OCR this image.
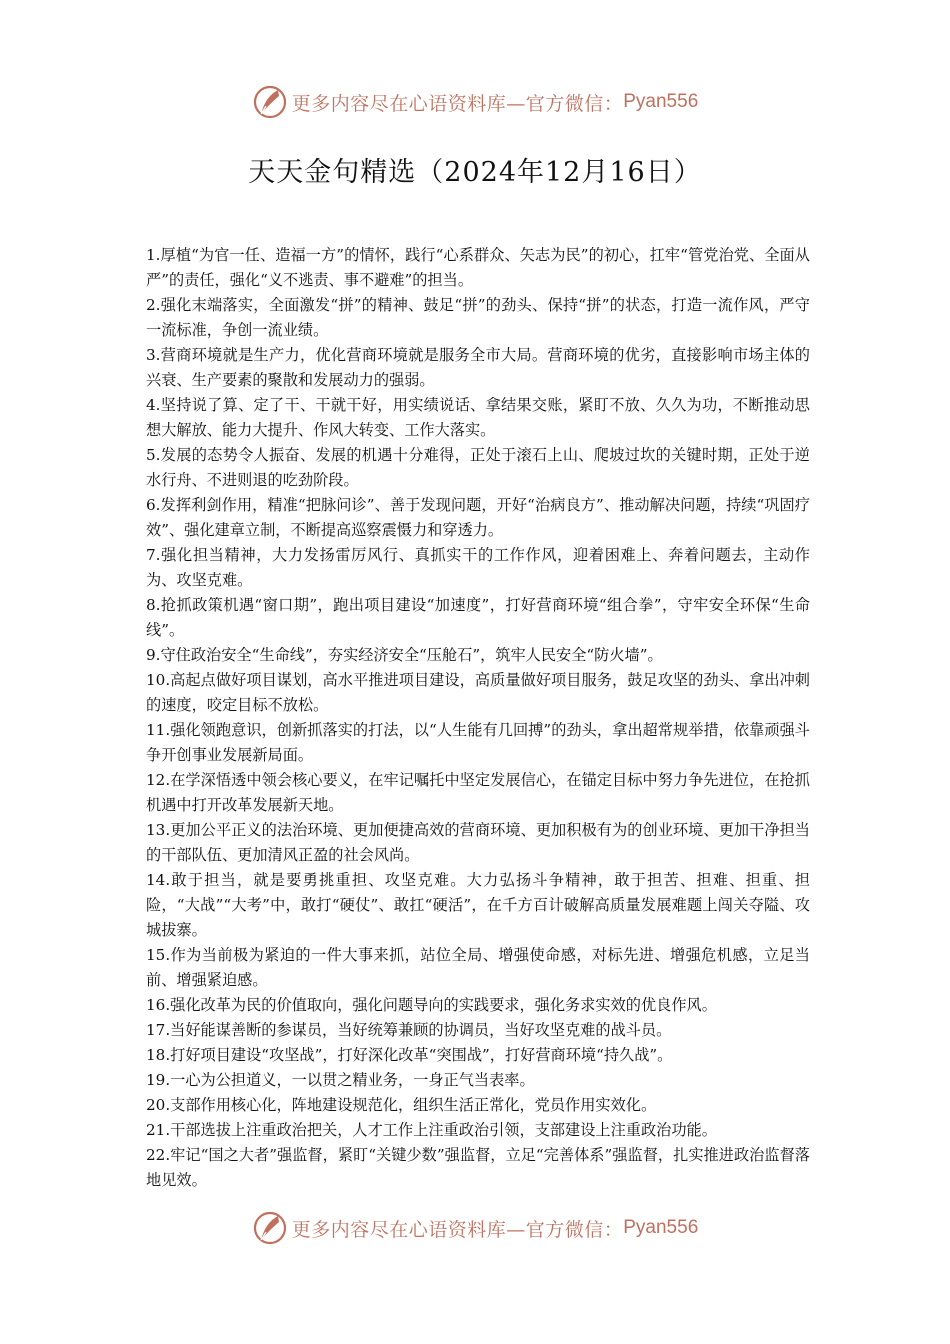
更多内容尽在心语资料库—官方微信： Pyan556
天天金句精选（2024年12月16日）
1.厚植“为官一任、造福一方”的情怀，践行“心系群众、矢志为民”的初心，扛牢“管党治党、全面从严”的责任，强化“义不逃责、事不避难”的担当。
2.强化末端落实，全面激发“拼”的精神、鼓足“拼”的劲头、保持“拼”的状态，打造一流作风，严守一流标准，争创一流业绩。
3.营商环境就是生产力，优化营商环境就是服务全市大局。营商环境的优劣，直接影响市场主体的兴衰、生产要素的聚散和发展动力的强弱。
4.坚持说了算、定了干、干就干好，用实绩说话、拿结果交账，紧盯不放、久久为功，不断推动思想大解放、能力大提升、作风大转变、工作大落实。
5.发展的态势令人振奋、发展的机遇十分难得，正处于滚石上山、爬坡过坎的关键时期，正处于逆水行舟、不进则退的吃劲阶段。
6.发挥利剑作用，精准“把脉问诊”、善于发现问题，开好“治病良方”、推动解决问题，持续“巩固疗效”、强化建章立制，不断提高巡察震慑力和穿透力。
7.强化担当精神，大力发扬雷厉风行、真抓实干的工作作风，迎着困难上、奔着问题去，主动作为、攻坚克难。
8.抢抓政策机遇“窗口期”，跑出项目建设“加速度”，打好营商环境“组合拳”，守牢安全环保“生命线”。
9.守住政治安全“生命线”，夯实经济安全“压舱石”，筑牢人民安全“防火墙”。
10.高起点做好项目谋划，高水平推进项目建设，高质量做好项目服务，鼓足攻坚的劲头、拿出冲刺的速度，咬定目标不放松。
11.强化领跑意识，创新抓落实的打法，以“人生能有几回搏”的劲头，拿出超常规举措，依靠顽强斗争开创事业发展新局面。
12.在学深悟透中领会核心要义，在牢记嘱托中坚定发展信心，在锚定目标中努力争先进位，在抢抓机遇中打开改革发展新天地。
13.更加公平正义的法治环境、更加便捷高效的营商环境、更加积极有为的创业环境、更加干净担当的干部队伍、更加清风正盈的社会风尚。
14.敢于担当，就是要勇挑重担、攻坚克难。大力弘扬斗争精神，敢于担苦、担难、担重、担险，“大战”“大考”中，敢打“硬仗”、敢扛“硬活”，在千方百计破解高质量发展难题上闯关夺隘、攻城拔寨。
15.作为当前极为紧迫的一件大事来抓，站位全局、增强使命感，对标先进、增强危机感，立足当前、增强紧迫感。
16.强化改革为民的价值取向，强化问题导向的实践要求，强化务求实效的优良作风。
17.当好能谋善断的参谋员，当好统筹兼顾的协调员，当好攻坚克难的战斗员。
18.打好项目建设“攻坚战”，打好深化改革“突围战”，打好营商环境“持久战”。
19.一心为公担道义，一以贯之精业务，一身正气当表率。
20.支部作用核心化，阵地建设规范化，组织生活正常化，党员作用实效化。
21.干部选拔上注重政治把关，人才工作上注重政治引领，支部建设上注重政治功能。
22.牢记“国之大者”强监督，紧盯“关键少数”强监督，立足“完善体系”强监督，扎实推进政治监督落地见效。
更多内容尽在心语资料库—官方微信： Pyan556
